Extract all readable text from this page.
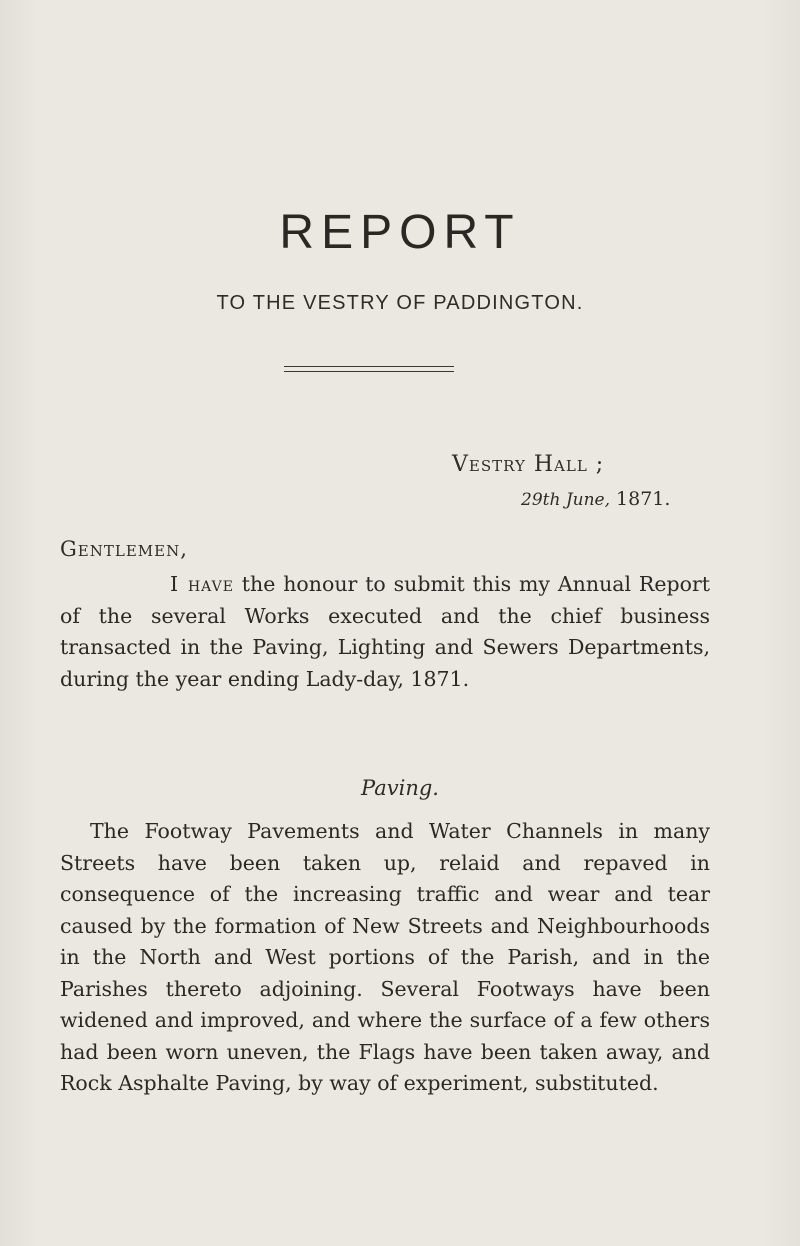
REPORT
TO THE VESTRY OF PADDINGTON.
Vestry Hall ;
29th June, 1871.
Gentlemen,
I have the honour to submit this my Annual Report of the several Works executed and the chief business transacted in the Paving, Lighting and Sewers Departments, during the year ending Lady-day, 1871.
Paving.
The Footway Pavements and Water Channels in many Streets have been taken up, relaid and repaved in consequence of the increasing traffic and wear and tear caused by the formation of New Streets and Neighbourhoods in the North and West portions of the Parish, and in the Parishes thereto adjoining. Several Footways have been widened and improved, and where the surface of a few others had been worn uneven, the Flags have been taken away, and Rock Asphalte Paving, by way of experiment, substituted.
